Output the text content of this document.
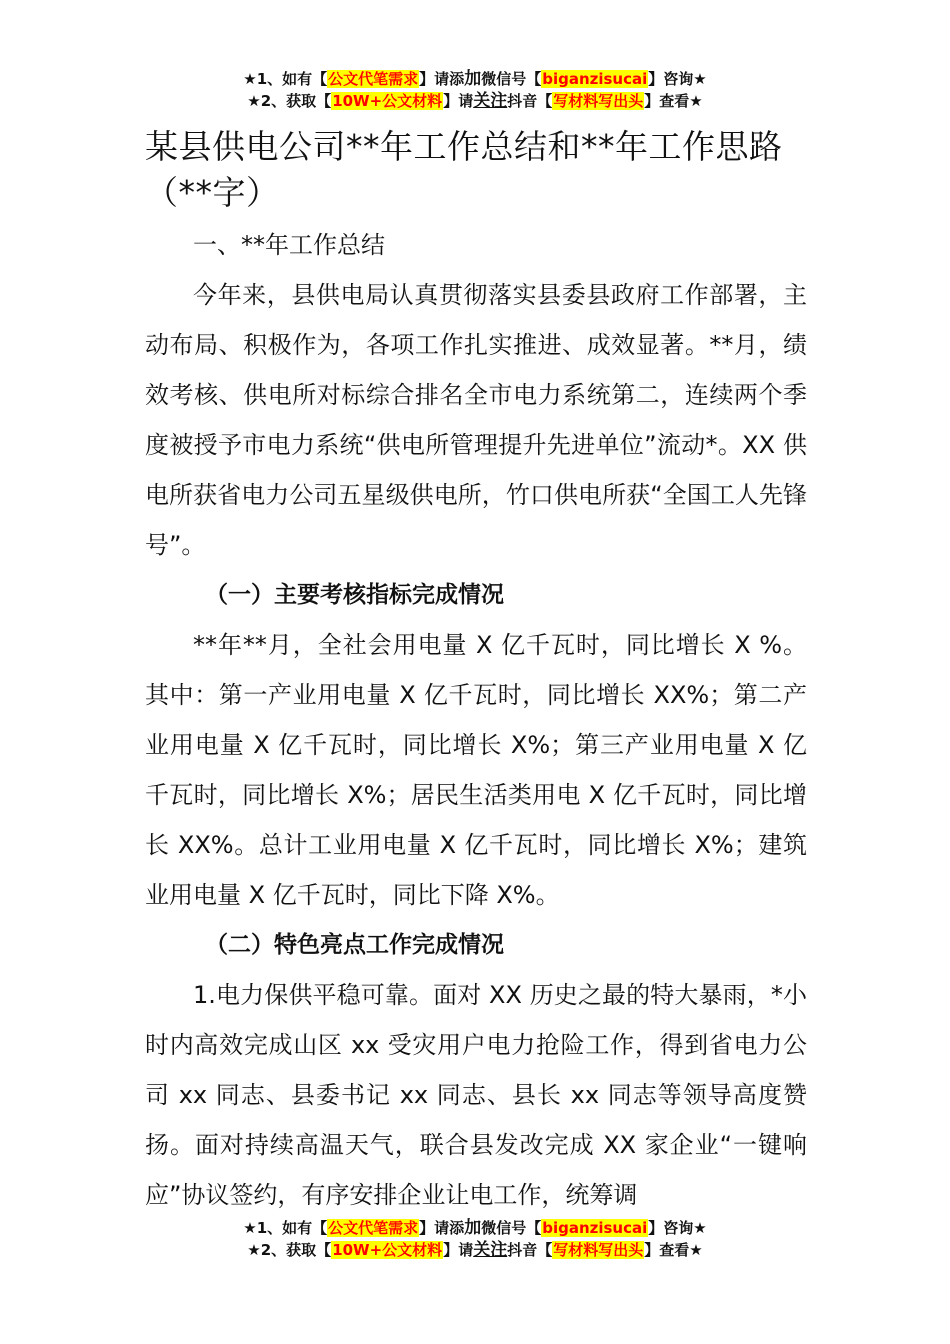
★1、如有【公文代笔需求】请添加微信号【biganzisucai】咨询★
★2、获取【10W+公文材料】请关注抖音【写材料写出头】查看★
某县供电公司**年工作总结和**年工作思路（**字）
一、**年工作总结

今年来，县供电局认真贯彻落实县委县政府工作部署，主动布局、积极作为，各项工作扎实推进、成效显著。**月，绩效考核、供电所对标综合排名全市电力系统第二，连续两个季度被授予市电力系统“供电所管理提升先进单位”流动*。XX 供电所获省电力公司五星级供电所，竹口供电所获“全国工人先锋号”。

（一）主要考核指标完成情况

**年**月，全社会用电量 X 亿千瓦时，同比增长 X %。其中：第一产业用电量 X 亿千瓦时，同比增长 XX%；第二产业用电量 X 亿千瓦时，同比增长 X%；第三产业用电量 X 亿千瓦时，同比增长 X%；居民生活类用电 X 亿千瓦时，同比增长 XX%。总计工业用电量 X 亿千瓦时，同比增长 X%；建筑业用电量 X 亿千瓦时，同比下降 X%。

（二）特色亮点工作完成情况

1.电力保供平稳可靠。面对 XX 历史之最的特大暴雨，*小时内高效完成山区 xx 受灾用户电力抢险工作，得到省电力公司 xx 同志、县委书记 xx 同志、县长 xx 同志等领导高度赞扬。面对持续高温天气，联合县发改完成 XX 家企业“一键响应”协议签约，有序安排企业让电工作，统筹调

★1、如有【公文代笔需求】请添加微信号【biganzisucai】咨询★
★2、获取【10W+公文材料】请关注抖音【写材料写出头】查看★
